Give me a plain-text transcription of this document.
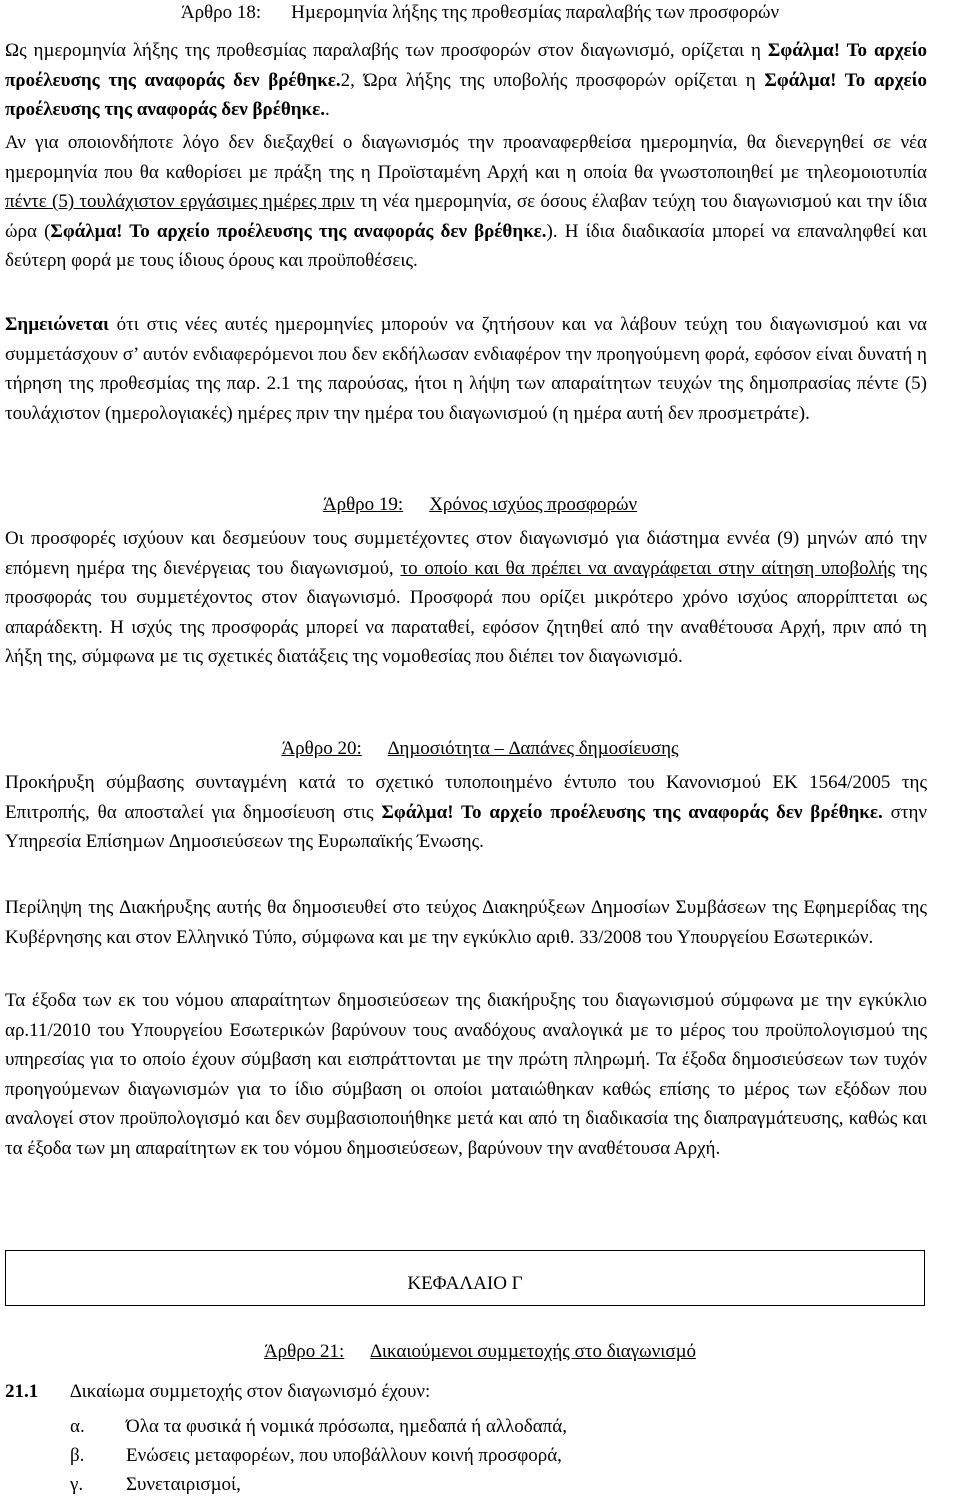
Άρθρο 18: Ηµεροµηνία λήξης της προθεσµίας παραλαβής των προσφορών

Ως ηµεροµηνία λήξης της προθεσµίας παραλαβής των προσφορών στον διαγωνισµό, ορίζεται η Σφάλµα! Το αρχείο προέλευσης της αναφοράς δεν βρέθηκε.2, Ώρα λήξης της υποβολής προσφορών ορίζεται η Σφάλµα! Το αρχείο προέλευσης της αναφοράς δεν βρέθηκε..

Αν για οποιονδήποτε λόγο δεν διεξαχθεί ο διαγωνισµός την προαναφερθείσα ηµεροµηνία, θα διενεργηθεί σε νέα ηµεροµηνία που θα καθορίσει µε πράξη της η Προϊσταµένη Αρχή και η οποία θα γνωστοποιηθεί µε τηλεοµοιοτυπία πέντε (5) τουλάχιστον εργάσιµες ηµέρες πριν τη νέα ηµεροµηνία, σε όσους έλαβαν τεύχη του διαγωνισµού και την ίδια ώρα (Σφάλµα! Το αρχείο προέλευσης της αναφοράς δεν βρέθηκε.). Η ίδια διαδικασία µπορεί να επαναληφθεί και δεύτερη φορά µε τους ίδιους όρους και προϋποθέσεις.

Σηµειώνεται ότι στις νέες αυτές ηµεροµηνίες µπορούν να ζητήσουν και να λάβουν τεύχη του διαγωνισµού και να συµµετάσχουν σ’ αυτόν ενδιαφερόµενοι που δεν εκδήλωσαν ενδιαφέρον την προηγούµενη φορά, εφόσον είναι δυνατή η τήρηση της προθεσµίας της παρ. 2.1 της παρούσας, ήτοι η λήψη των απαραίτητων τευχών της δηµοπρασίας πέντε (5) τουλάχιστον (ηµερολογιακές) ηµέρες πριν την ηµέρα του διαγωνισµού (η ηµέρα αυτή δεν προσµετράτε).

Άρθρο 19: Χρόνος ισχύος προσφορών

Οι προσφορές ισχύουν και δεσµεύουν τους συµµετέχοντες στον διαγωνισµό για διάστηµα εννέα (9) µηνών από την επόµενη ηµέρα της διενέργειας του διαγωνισµού, το οποίο και θα πρέπει να αναγράφεται στην αίτηση υποβολής της προσφοράς του συµµετέχοντος στον διαγωνισµό. Προσφορά που ορίζει µικρότερο χρόνο ισχύος απορρίπτεται ως απαράδεκτη. Η ισχύς της προσφοράς µπορεί να παραταθεί, εφόσον ζητηθεί από την αναθέτουσα Αρχή, πριν από τη λήξη της, σύµφωνα µε τις σχετικές διατάξεις της νοµοθεσίας που διέπει τον διαγωνισµό.

Άρθρο 20: ∆ηµοσιότητα – ∆απάνες δηµοσίευσης

Προκήρυξη σύµβασης συνταγµένη κατά το σχετικό τυποποιηµένο έντυπο του Κανονισµού ΕΚ 1564/2005 της Επιτροπής, θα αποσταλεί για δηµοσίευση στις Σφάλµα! Το αρχείο προέλευσης της αναφοράς δεν βρέθηκε. στην Υπηρεσία Επίσηµων ∆ηµοσιεύσεων της Ευρωπαϊκής Ένωσης.

Περίληψη της ∆ιακήρυξης αυτής θα δηµοσιευθεί στο τεύχος ∆ιακηρύξεων ∆ηµοσίων Συµβάσεων της Εφηµερίδας της Κυβέρνησης και στον Ελληνικό Τύπο, σύµφωνα και µε την εγκύκλιο αριθ. 33/2008 του Υπουργείου Εσωτερικών.

Τα έξοδα των εκ του νόµου απαραίτητων δηµοσιεύσεων της διακήρυξης του διαγωνισµού σύµφωνα µε την εγκύκλιο αρ.11/2010 του Υπουργείου Εσωτερικών βαρύνουν τους αναδόχους αναλογικά µε το µέρος του προϋπολογισµού της υπηρεσίας για το οποίο έχουν σύµβαση και εισπράττονται µε την πρώτη πληρωµή. Τα έξοδα δηµοσιεύσεων των τυχόν προηγούµενων διαγωνισµών για το ίδιο σύµβαση οι οποίοι µαταιώθηκαν καθώς επίσης το µέρος των εξόδων που αναλογεί στον προϋπολογισµό και δεν συµβασιοποιήθηκε µετά και από τη διαδικασία της διαπραγµάτευσης, καθώς και τα έξοδα των µη απαραίτητων εκ του νόµου δηµοσιεύσεων, βαρύνουν την αναθέτουσα Αρχή.

ΚΕΦΑΛΑΙΟ Γ
Άρθρο 21: ∆ικαιούµενοι συµµετοχής στο διαγωνισµό
21.1 ∆ικαίωµα συµµετοχής στον διαγωνισµό έχουν:
α. Όλα τα φυσικά ή νοµικά πρόσωπα, ηµεδαπά ή αλλοδαπά,
β. Ενώσεις µεταφορέων, που υποβάλλουν κοινή προσφορά,
γ. Συνεταιρισµοί,
